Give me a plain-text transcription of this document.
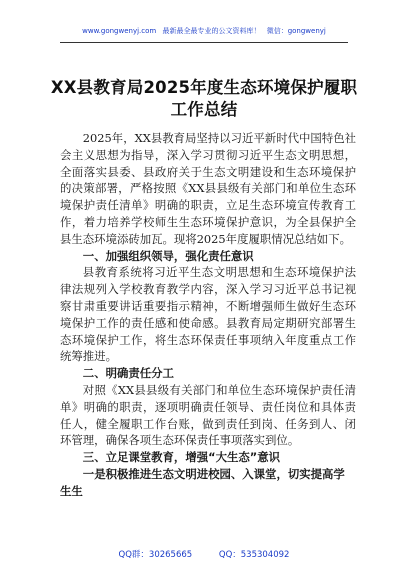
www.gongwenyj.com 最新最全最专业的公文资料库！ 微信：gongwenyj
XX县教育局2025年度生态环境保护履职
工作总结

2025年，XX县教育局坚持以习近平新时代中国特色社会主义思想为指导，深入学习贯彻习近平生态文明思想，全面落实县委、县政府关于生态文明建设和生态环境保护的决策部署，严格按照《XX县县级有关部门和单位生态环境保护责任清单》明确的职责，立足生态环境宣传教育工作，着力培养学校师生生态环境保护意识，为全县保护全县生态环境添砖加瓦。现将2025年度履职情况总结如下。

一、加强组织领导，强化责任意识

县教育系统将习近平生态文明思想和生态环境保护法律法规列入学校教育教学内容，深入学习习近平总书记视察甘肃重要讲话重要指示精神，不断增强师生做好生态环境保护工作的责任感和使命感。县教育局定期研究部署生态环境保护工作，将生态环保责任事项纳入年度重点工作统筹推进。

二、明确责任分工

对照《XX县县级有关部门和单位生态环境保护责任清单》明确的职责，逐项明确责任领导、责任岗位和具体责任人，健全履职工作台账，做到责任到岗、任务到人、闭环管理，确保各项生态环保责任事项落实到位。

三、立足课堂教育，增强“大生态”意识

一是积极推进生态文明进校园、入课堂，切实提高学生生

QQ群：30265665	QQ：535304092
